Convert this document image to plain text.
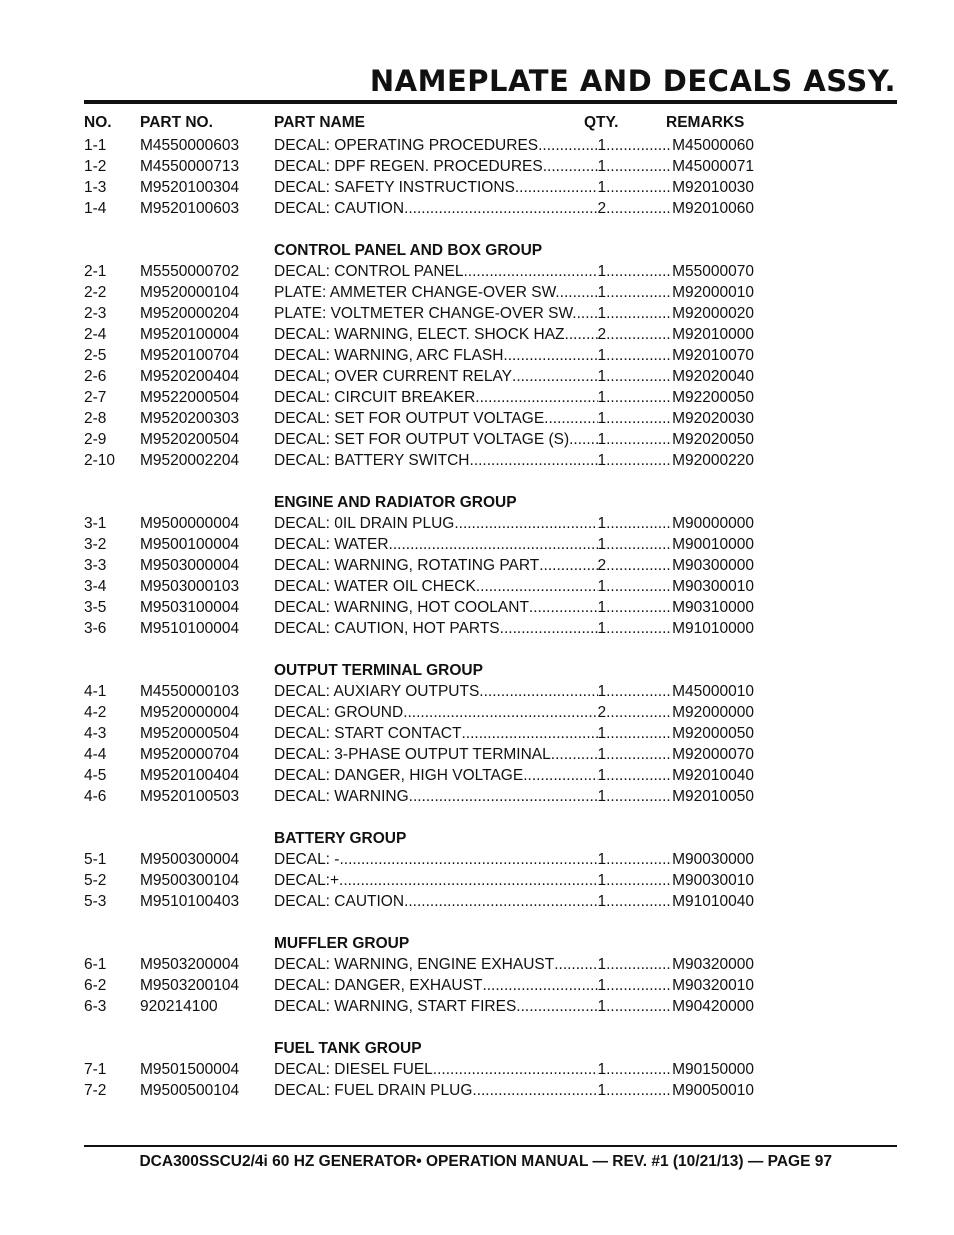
NAMEPLATE AND DECALS ASSY.
NO. PART NO.	PART NAME	QTY.	REMARKS
1-1 M4550000603 DECAL: OPERATING PROCEDURES .....	1 .....	M45000060
1-2 M4550000713 DECAL: DPF REGEN. PROCEDURES .....	1 .....	M45000071
1-3 M9520100304 DECAL: SAFETY INSTRUCTIONS .....	1 .....	M92010030
1-4 M9520100603 DECAL: CAUTION .....	2 .....	M92010060
CONTROL PANEL AND BOX GROUP
2-1 M5550000702 DECAL: CONTROL PANEL .....	1 .....	M55000070
2-2 M9520000104 PLATE: AMMETER CHANGE-OVER SW. ..... 1 .....	M92000010
2-3 M9520000204 PLATE: VOLTMETER CHANGE-OVER SW. ..... 1 .....	M92000020
2-4 M9520100004 DECAL: WARNING, ELECT. SHOCK HAZ. ..... 2 .....	M92010000
2-5 M9520100704 DECAL: WARNING, ARC FLASH .....	1 .....	M92010070
2-6 M9520200404 DECAL; OVER CURRENT RELAY .....	1 .....	M92020040
2-7 M9522000504 DECAL: CIRCUIT BREAKER .....	1 .....	M92200050
2-8 M9520200303 DECAL: SET FOR OUTPUT VOLTAGE .....	1 .....	M92020030
2-9 M9520200504 DECAL: SET FOR OUTPUT VOLTAGE (S) ..... 1 .....	M92020050
2-10 M9520002204 DECAL: BATTERY SWITCH .....	1 .....	M92000220
ENGINE AND RADIATOR GROUP
3-1 M9500000004 DECAL: 0IL DRAIN PLUG .....	1 .....	M90000000
3-2 M9500100004 DECAL: WATER .....	1 .....	M90010000
3-3 M9503000004 DECAL: WARNING, ROTATING PART .....	2 .....	M90300000
3-4 M9503000103 DECAL: WATER OIL CHECK .....	1 .....	M90300010
3-5 M9503100004 DECAL: WARNING, HOT COOLANT .....	1 .....	M90310000
3-6 M9510100004 DECAL: CAUTION, HOT PARTS .....	1 .....	M91010000
OUTPUT TERMINAL GROUP
4-1 M4550000103 DECAL: AUXIARY OUTPUTS .....	1 .....	M45000010
4-2 M9520000004 DECAL: GROUND .....	2 .....	M92000000
4-3 M9520000504 DECAL: START CONTACT .....	1 .....	M92000050
4-4 M9520000704 DECAL: 3-PHASE OUTPUT TERMINAL .....	1 .....	M92000070
4-5 M9520100404 DECAL: DANGER, HIGH VOLTAGE .....	1 .....	M92010040
4-6 M9520100503 DECAL: WARNING .....	1 .....	M92010050
BATTERY GROUP
5-1 M9500300004 DECAL: - .....	1 .....	M90030000
5-2 M9500300104 DECAL:+ .....	1 .....	M90030010
5-3 M9510100403 DECAL: CAUTION .....	1 .....	M91010040
MUFFLER GROUP
6-1 M9503200004 DECAL: WARNING, ENGINE EXHAUST .....	1 .....	M90320000
6-2 M9503200104 DECAL: DANGER, EXHAUST .....	1 .....	M90320010
6-3 920214100	DECAL: WARNING, START FIRES .....	1 .....	M90420000
FUEL TANK GROUP
7-1 M9501500004 DECAL: DIESEL FUEL .....	1 .....	M90150000
7-2 M9500500104 DECAL: FUEL DRAIN PLUG .....	1 .....	M90050010
DCA300SSCU2/4i 60 HZ GENERATOR• OPERATION MANUAL — REV. #1 (10/21/13) — PAGE 97
